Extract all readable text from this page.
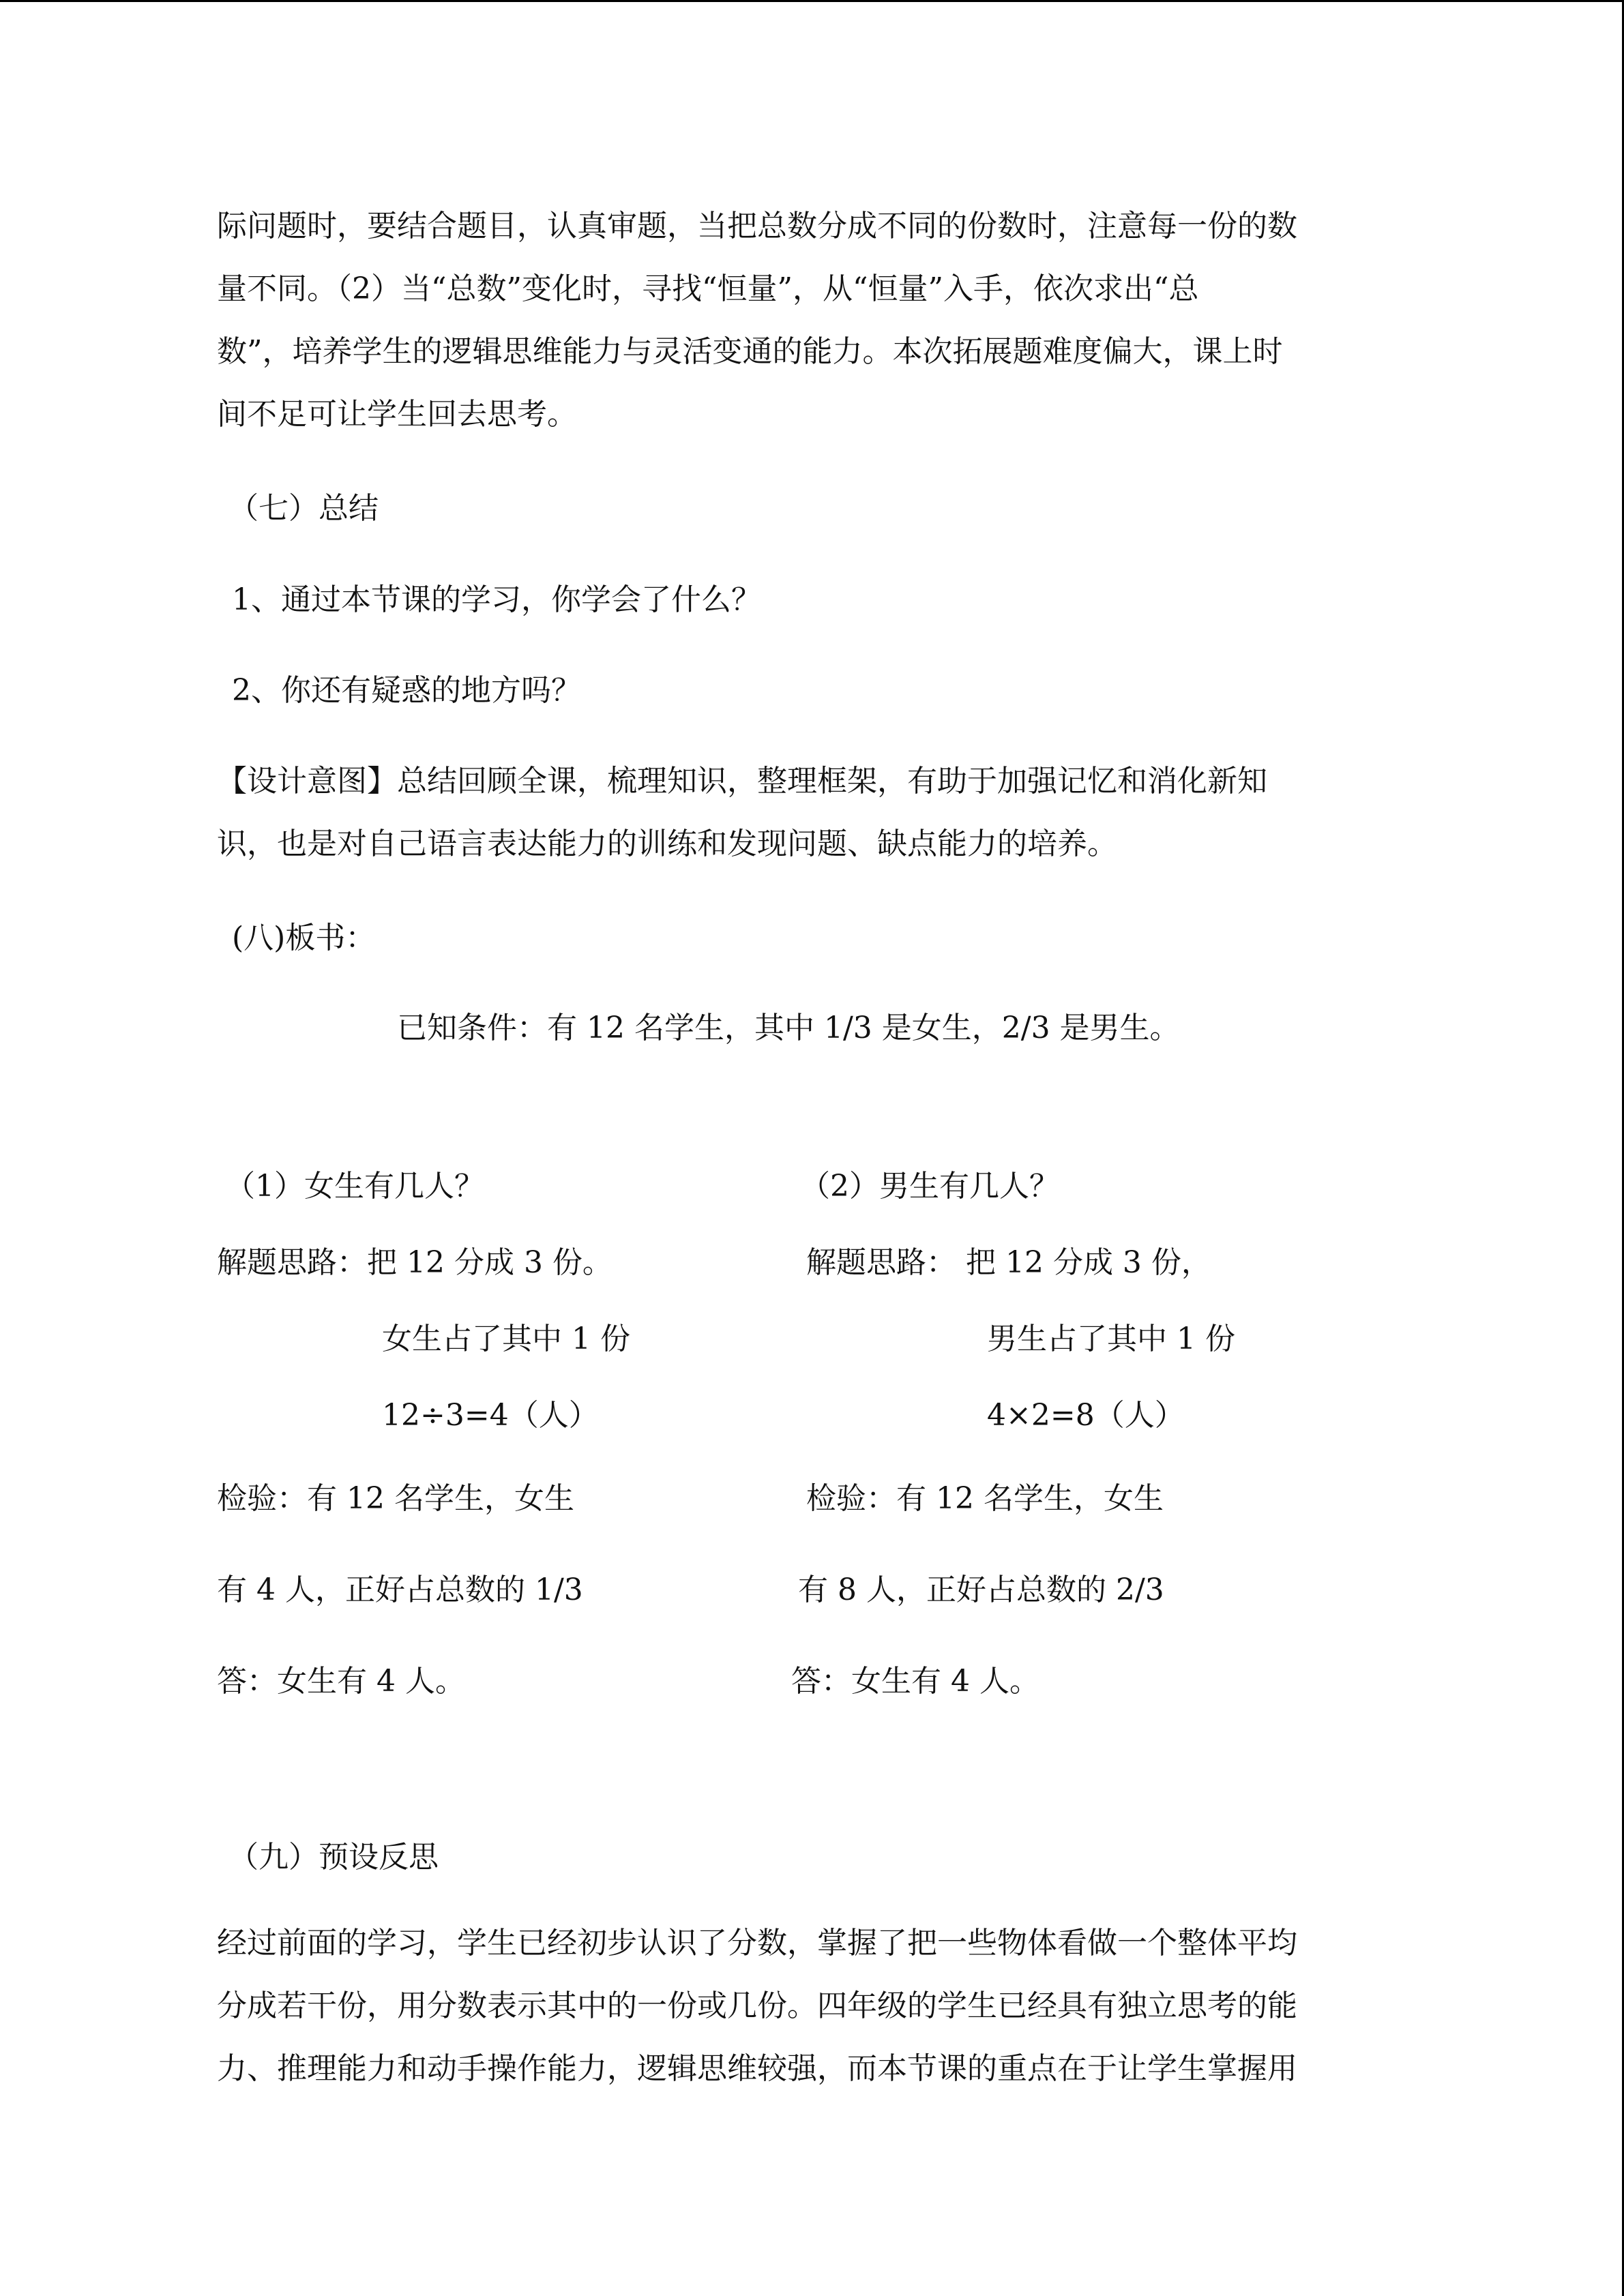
际问题时，要结合题目，认真审题，当把总数分成不同的份数时，注意每一份的数
量不同。（2）当“总数”变化时，寻找“恒量”，从“恒量”入手，依次求出“总
数”，培养学生的逻辑思维能力与灵活变通的能力。本次拓展题难度偏大，课上时
间不足可让学生回去思考。
（七）总结
1、通过本节课的学习，你学会了什么？
2、你还有疑惑的地方吗？
【设计意图】总结回顾全课，梳理知识，整理框架，有助于加强记忆和消化新知
识，也是对自己语言表达能力的训练和发现问题、缺点能力的培养。
(八)板书：
已知条件：有 12 名学生，其中 1/3 是女生，2/3 是男生。
（1）女生有几人？
解题思路：把 12 分成 3 份。
女生占了其中 1 份
12÷3=4（人）
检验：有 12 名学生，女生
有 4 人，正好占总数的 1/3
答：女生有 4 人。
（2）男生有几人？
解题思路： 把 12 分成 3 份，
男生占了其中 1 份
4×2=8（人）
检验：有 12 名学生，女生
有 8 人，正好占总数的 2/3
答：女生有 4 人。
（九）预设反思
经过前面的学习，学生已经初步认识了分数，掌握了把一些物体看做一个整体平均
分成若干份，用分数表示其中的一份或几份。四年级的学生已经具有独立思考的能
力、推理能力和动手操作能力，逻辑思维较强，而本节课的重点在于让学生掌握用
